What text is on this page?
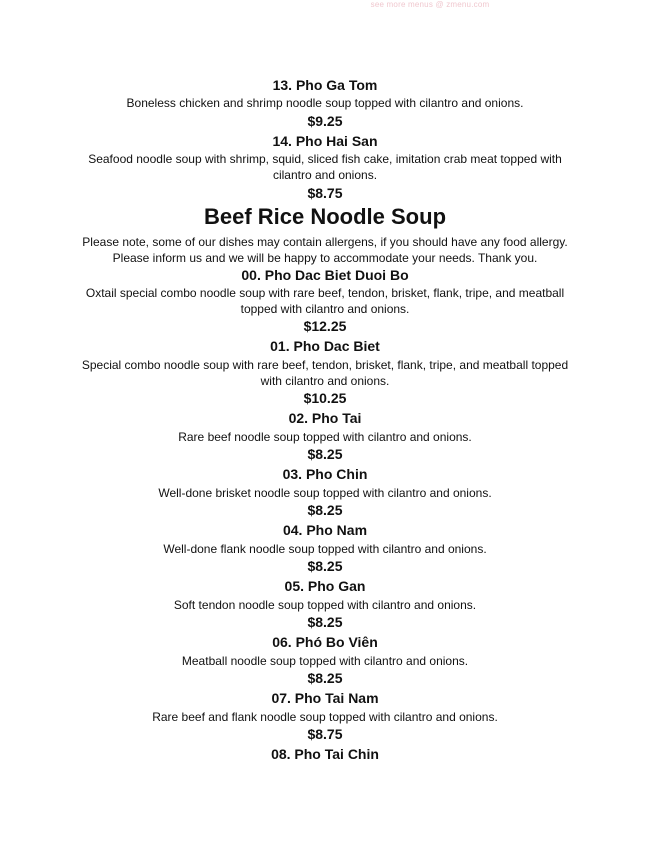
see more menus @ zmenu.com
13. Pho Ga Tom
Boneless chicken and shrimp noodle soup topped with cilantro and onions.
$9.25
14. Pho Hai San
Seafood noodle soup with shrimp, squid, sliced fish cake, imitation crab meat topped with
cilantro and onions.
$8.75
Beef Rice Noodle Soup
Please note, some of our dishes may contain allergens, if you should have any food allergy.
Please inform us and we will be happy to accommodate your needs. Thank you.
00. Pho Dac Biet Duoi Bo
Oxtail special combo noodle soup with rare beef, tendon, brisket, flank, tripe, and meatball
topped with cilantro and onions.
$12.25
01. Pho Dac Biet
Special combo noodle soup with rare beef, tendon, brisket, flank, tripe, and meatball topped
with cilantro and onions.
$10.25
02. Pho Tai
Rare beef noodle soup topped with cilantro and onions.
$8.25
03. Pho Chin
Well-done brisket noodle soup topped with cilantro and onions.
$8.25
04. Pho Nam
Well-done flank noodle soup topped with cilantro and onions.
$8.25
05. Pho Gan
Soft tendon noodle soup topped with cilantro and onions.
$8.25
06. Phó Bo Viên
Meatball noodle soup topped with cilantro and onions.
$8.25
07. Pho Tai Nam
Rare beef and flank noodle soup topped with cilantro and onions.
$8.75
08. Pho Tai Chin
